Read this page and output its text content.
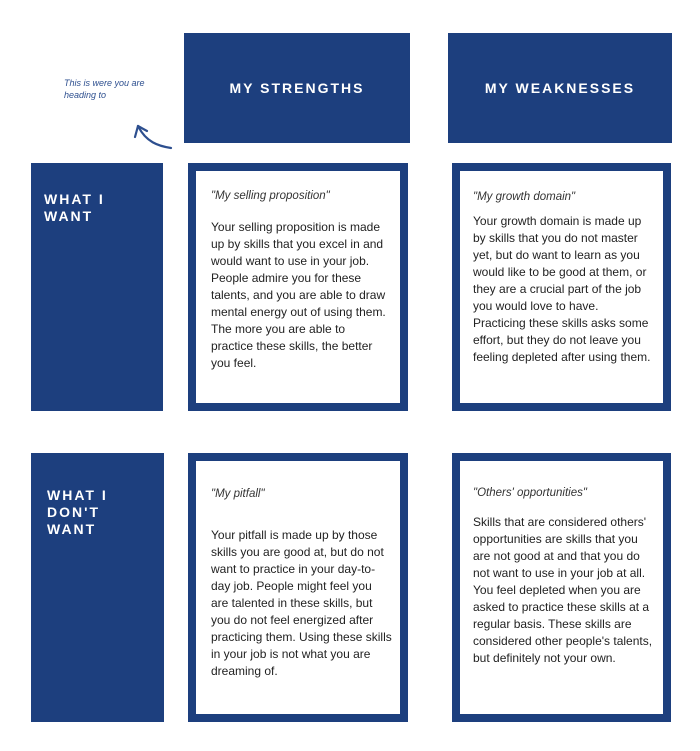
This is were you are heading to	MY STRENGTHS	MY WEAKNESSES
WHAT I WANT
WHAT I DON'T WANT
"My selling proposition"
Your selling proposition is made up by skills that you excel in and would want to use in your job. People admire you for these talents, and you are able to draw mental energy out of using them. The more you are able to practice these skills, the better you feel.
"My growth domain"
Your growth domain is made up by skills that you do not master yet, but do want to learn as you would like to be good at them, or they are a crucial part of the job you would love to have. Practicing these skills asks some effort, but they do not leave you feeling depleted after using them.
"My pitfall"
Your pitfall is made up by those skills you are good at, but do not want to practice in your day-to-day job. People might feel you are talented in these skills, but you do not feel energized after practicing them. Using these skills in your job is not what you are dreaming of.
"Others' opportunities"
Skills that are considered others' opportunities are skills that you are not good at and that you do not want to use in your job at all. You feel depleted when you are asked to practice these skills at a regular basis. These skills are considered other people's talents, but definitely not your own.
